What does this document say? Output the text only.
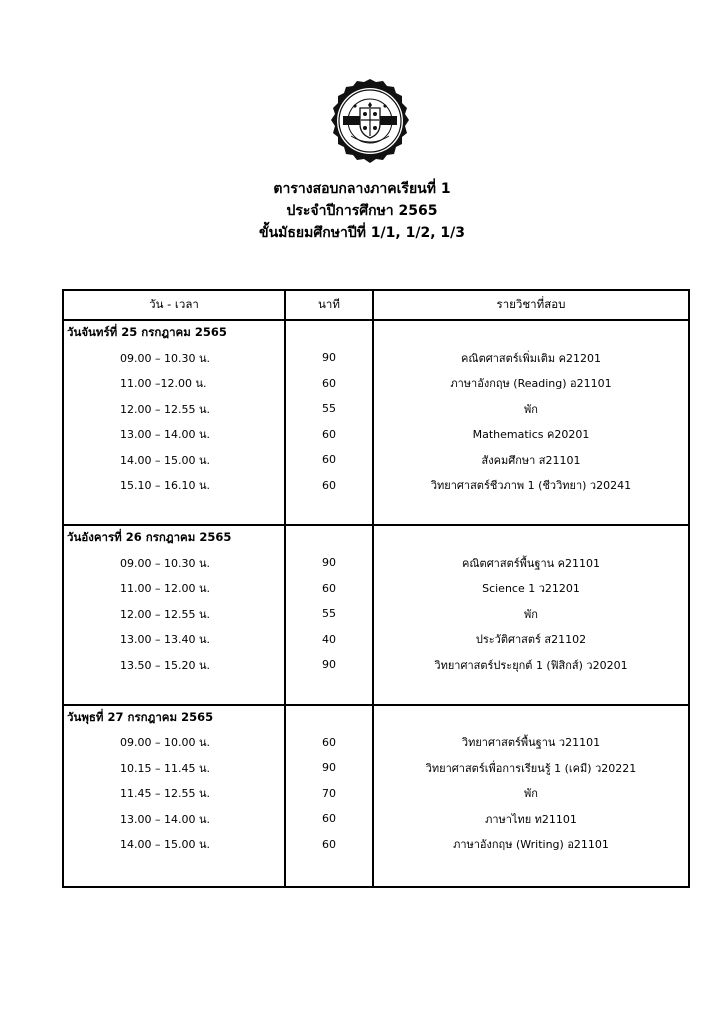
ตารางสอบกลางภาคเรียนที่ 1
ประจำปีการศึกษา 2565
ขั้นมัธยมศึกษาปีที่ 1/1, 1/2, 1/3
วัน - เวลา	นาที	รายวิชาที่สอบ
วันจันทร์ที่ 25 กรกฎาคม 2565		
09.00 – 10.30 น.	90	คณิตศาสตร์เพิ่มเติม ค21201
11.00 –12.00 น.	60	ภาษาอังกฤษ (Reading) อ21101
12.00 – 12.55 น.	55	พัก
13.00 – 14.00 น.	60	Mathematics ค20201
14.00 – 15.00 น.	60	สังคมศึกษา ส21101
15.10 – 16.10 น.	60	วิทยาศาสตร์ชีวภาพ 1 (ชีววิทยา) ว20241

วันอังคารที่ 26 กรกฎาคม 2565		
09.00 – 10.30 น.	90	คณิตศาสตร์พื้นฐาน ค21101
11.00 – 12.00 น.	60	Science 1 ว21201
12.00 – 12.55 น.	55	พัก
13.00 – 13.40 น.	40	ประวัติศาสตร์ ส21102
13.50 – 15.20 น.	90	วิทยาศาสตร์ประยุกต์ 1 (ฟิสิกส์) ว20201

วันพุธที่ 27 กรกฎาคม 2565		
09.00 – 10.00 น.	60	วิทยาศาสตร์พื้นฐาน ว21101
10.15 – 11.45 น.	90	วิทยาศาสตร์เพื่อการเรียนรู้ 1 (เคมี) ว20221
11.45 – 12.55 น.	70	พัก
13.00 – 14.00 น.	60	ภาษาไทย ท21101
14.00 – 15.00 น.	60	ภาษาอังกฤษ (Writing) อ21101
